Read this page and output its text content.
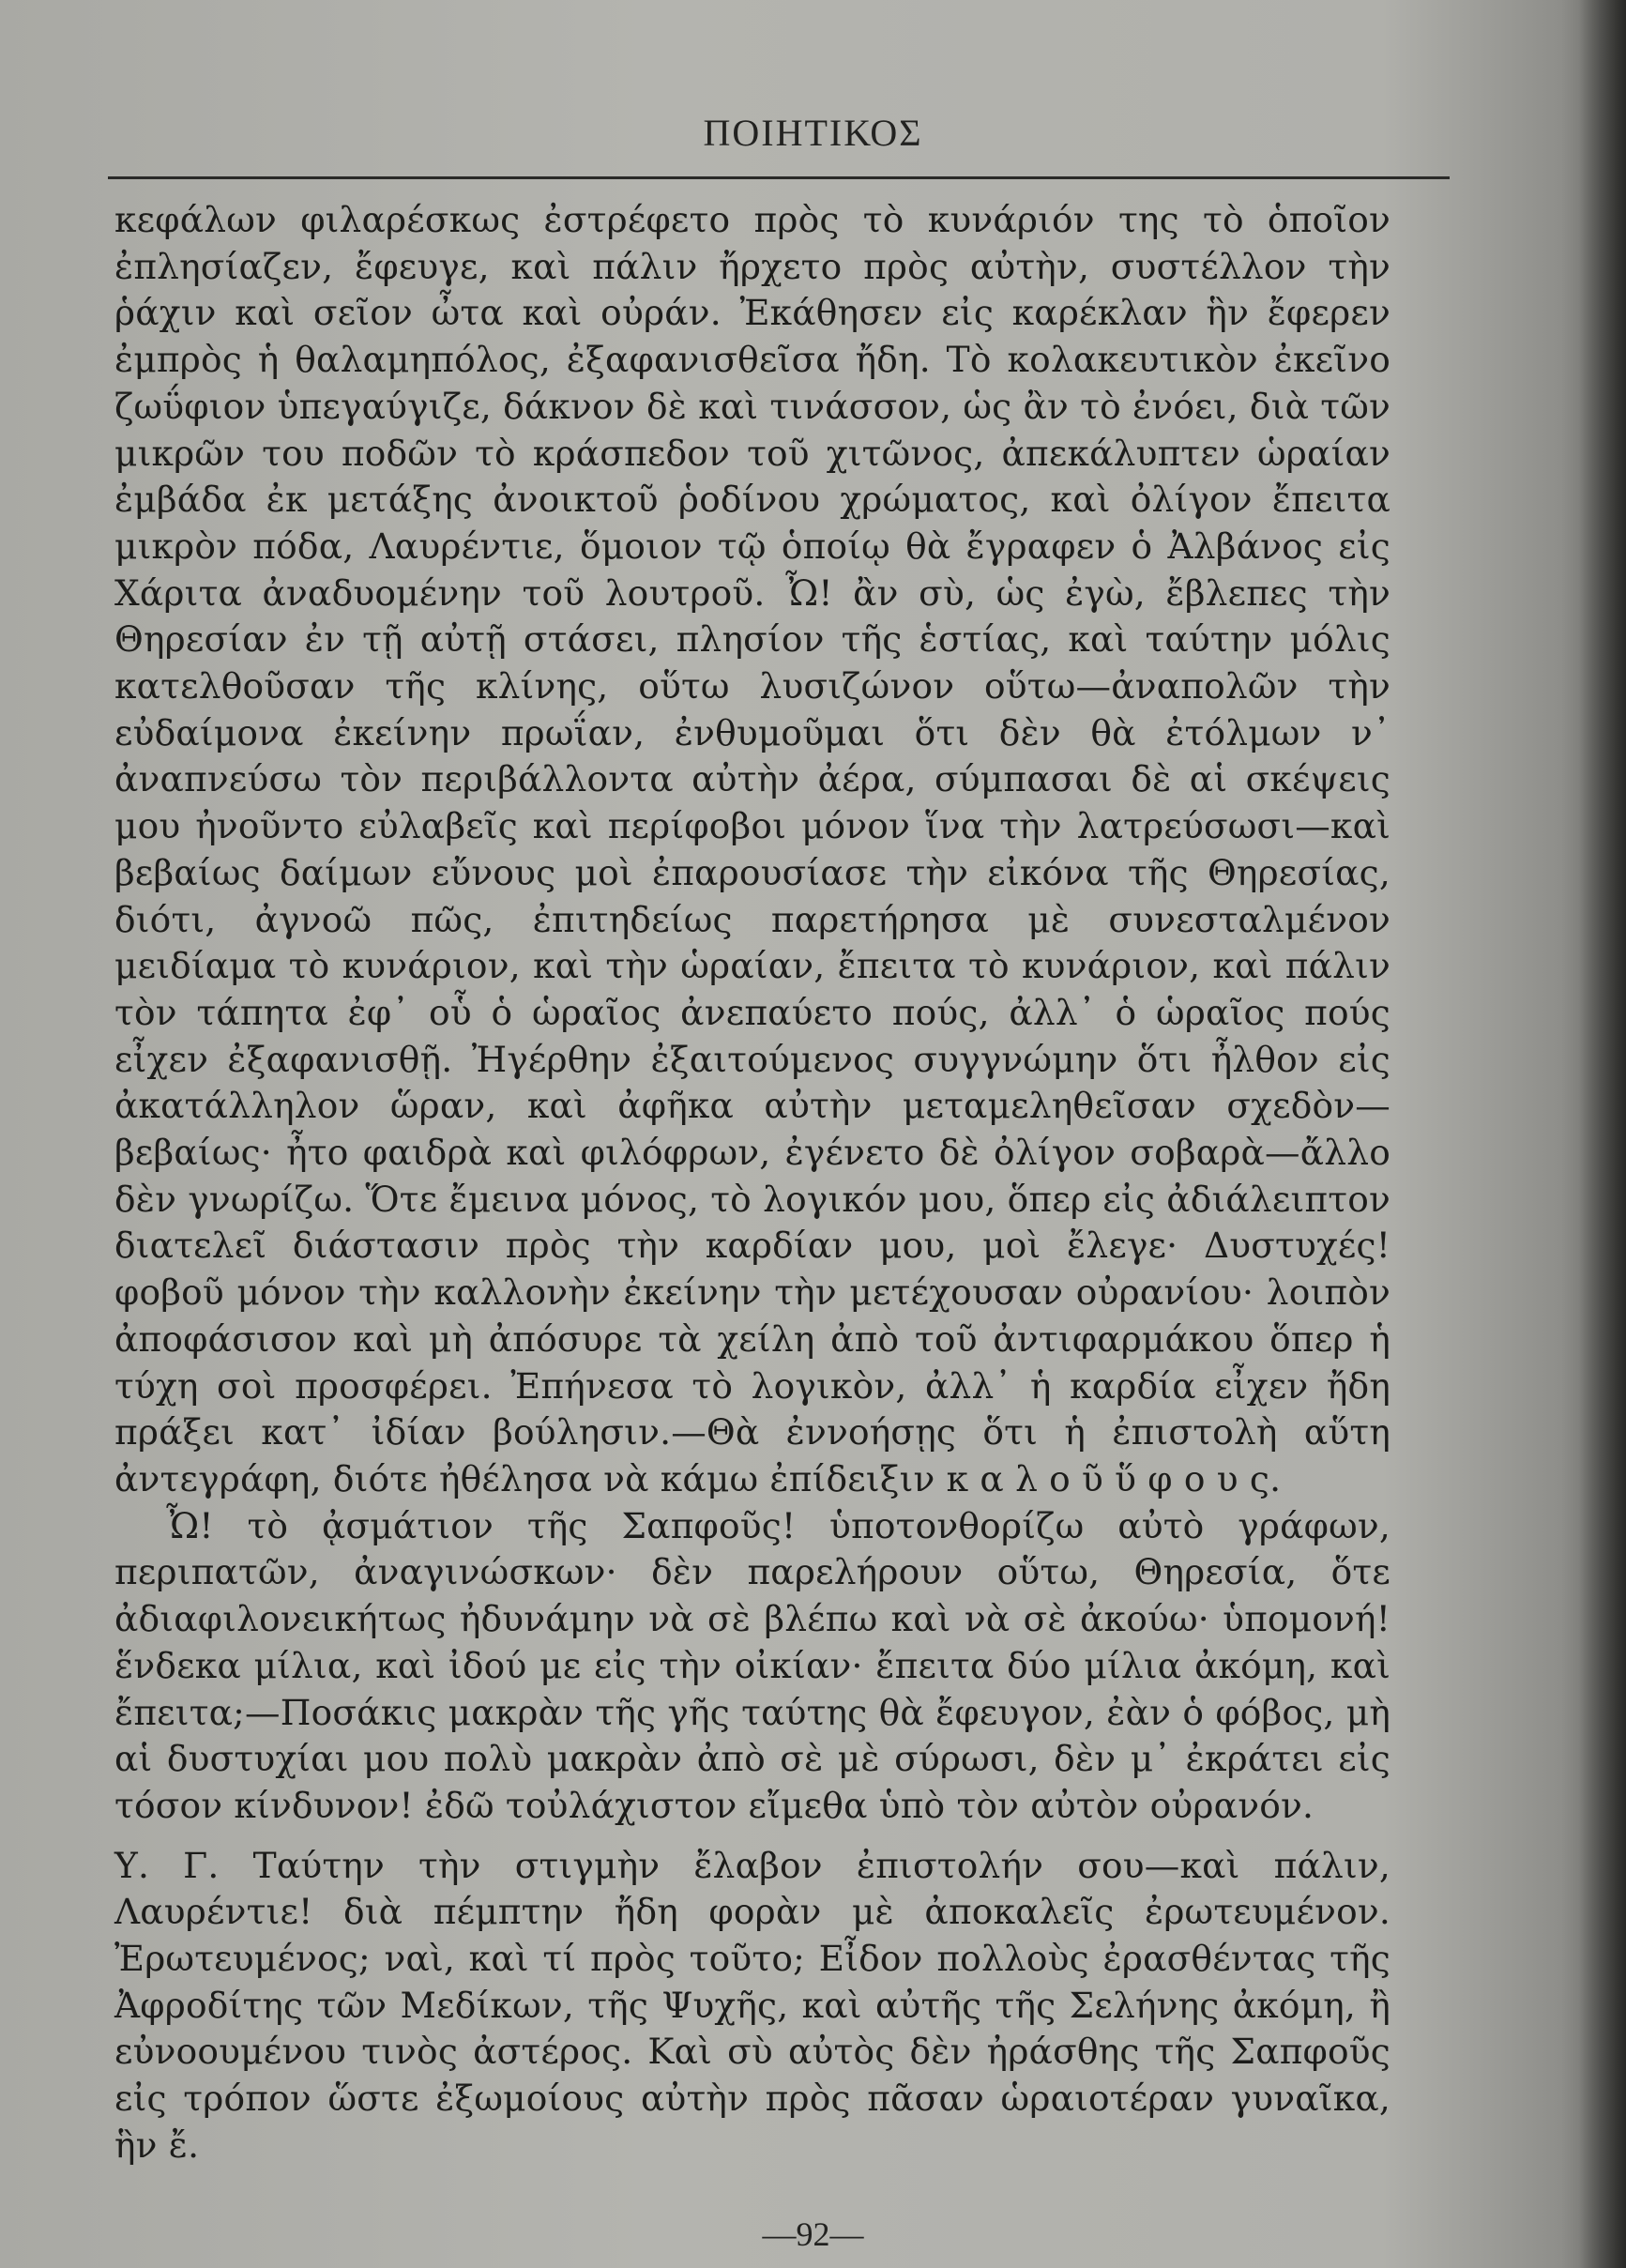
ΠΟΙΗΤΙΚΟΣ

κεφάλων φιλαρέσκως ἐστρέφετο πρὸς τὸ κυνάριόν της τὸ ὁποῖον ἐπλησίαζεν, ἔφευγε, καὶ πάλιν ἤρχετο πρὸς αὐτὴν, συστέλλον τὴν ῥάχιν καὶ σεῖον ὦτα καὶ οὐράν. Ἐκάθησεν εἰς καρέκλαν ἣν ἔφερεν ἐμπρὸς ἡ θαλαμηπόλος, ἐξαφανισθεῖσα ἤδη. Τὸ κολακευτικὸν ἐκεῖνο ζωΰφιον ὑπεγαύγιζε, δάκνον δὲ καὶ τινάσσον, ὡς ἂν τὸ ἐνόει, διὰ τῶν μικρῶν του ποδῶν τὸ κράσπεδον τοῦ χιτῶνος, ἀπεκάλυπτεν ὡραίαν ἐμβάδα ἐκ μετάξης ἀνοικτοῦ ῥοδίνου χρώματος, καὶ ὀλίγον ἔπειτα μικρὸν πόδα, Λαυρέντιε, ὅμοιον τῷ ὁποίῳ θὰ ἔγραφεν ὁ Ἀλβάνος εἰς Χάριτα ἀναδυομένην τοῦ λουτροῦ. Ὦ! ἂν σὺ, ὡς ἐγὼ, ἔβλεπες τὴν Θηρεσίαν ἐν τῇ αὐτῇ στάσει, πλησίον τῆς ἑστίας, καὶ ταύτην μόλις κατελθοῦσαν τῆς κλίνης, οὕτω λυσιζώνον οὕτω—ἀναπολῶν τὴν εὐδαίμονα ἐκείνην πρωΐαν, ἐνθυμοῦμαι ὅτι δὲν θὰ ἐτόλμων ν᾽ ἀναπνεύσω τὸν περιβάλλοντα αὐτὴν ἀέρα, σύμπασαι δὲ αἱ σκέψεις μου ἠνοῦντο εὐλαβεῖς καὶ περίφοβοι μόνον ἵνα τὴν λατρεύσωσι—καὶ βεβαίως δαίμων εὔνους μοὶ ἐπαρουσίασε τὴν εἰκόνα τῆς Θηρεσίας, διότι, ἀγνοῶ πῶς, ἐπιτηδείως παρετήρησα μὲ συνεσταλμένον μειδίαμα τὸ κυνάριον, καὶ τὴν ὡραίαν, ἔπειτα τὸ κυνάριον, καὶ πάλιν τὸν τάπητα ἐφ᾽ οὗ ὁ ὡραῖος ἀνεπαύετο πούς, ἀλλ᾽ ὁ ὡραῖος πούς εἶχεν ἐξαφανισθῇ. Ἠγέρθην ἐξαιτούμενος συγγνώμην ὅτι ἦλθον εἰς ἀκατάλληλον ὥραν, καὶ ἀφῆκα αὐτὴν μεταμεληθεῖσαν σχεδὸν—βεβαίως· ἦτο φαιδρὰ καὶ φιλόφρων, ἐγένετο δὲ ὀλίγον σοβαρὰ—ἄλλο δὲν γνωρίζω. Ὅτε ἔμεινα μόνος, τὸ λογικόν μου, ὅπερ εἰς ἀδιάλειπτον διατελεῖ διάστασιν πρὸς τὴν καρδίαν μου, μοὶ ἔλεγε· Δυστυχές! φοβοῦ μόνον τὴν καλλονὴν ἐκείνην τὴν μετέχουσαν οὐρανίου· λοιπὸν ἀποφάσισον καὶ μὴ ἀπόσυρε τὰ χείλη ἀπὸ τοῦ ἀντιφαρμάκου ὅπερ ἡ τύχη σοὶ προσφέρει. Ἐπήνεσα τὸ λογικὸν, ἀλλ᾽ ἡ καρδία εἶχεν ἤδη πράξει κατ᾽ ἰδίαν βούλησιν.—Θὰ ἐννοήσῃς ὅτι ἡ ἐπιστολὴ αὕτη ἀντεγράφη, διότε ἠθέλησα νὰ κάμω ἐπίδειξιν κ α λ ο ῦ ὕ φ ο υ ς.

Ὦ! τὸ ᾀσμάτιον τῆς Σαπφοῦς! ὑποτονθορίζω αὐτὸ γράφων, περιπατῶν, ἀναγινώσκων· δὲν παρελήρουν οὕτω, Θηρεσία, ὅτε ἀδιαφιλονεικήτως ἠδυνάμην νὰ σὲ βλέπω καὶ νὰ σὲ ἀκούω· ὑπομονή! ἕνδεκα μίλια, καὶ ἰδού με εἰς τὴν οἰκίαν· ἔπειτα δύο μίλια ἀκόμη, καὶ ἔπειτα;—Ποσάκις μακρὰν τῆς γῆς ταύτης θὰ ἔφευγον, ἐὰν ὁ φόβος, μὴ αἱ δυστυχίαι μου πολὺ μακρὰν ἀπὸ σὲ μὲ σύρωσι, δὲν μ᾽ ἐκράτει εἰς τόσον κίνδυνον! ἐδῶ τοὐλάχιστον εἴμεθα ὑπὸ τὸν αὐτὸν οὐρανόν.

Υ. Γ. Ταύτην τὴν στιγμὴν ἔλαβον ἐπιστολήν σου—καὶ πάλιν, Λαυρέντιε! διὰ πέμπτην ἤδη φορὰν μὲ ἀποκαλεῖς ἐρωτευμένον. Ἐρωτευμένος; ναὶ, καὶ τί πρὸς τοῦτο; Εἶδον πολλοὺς ἐρασθέντας τῆς Ἀφροδίτης τῶν Μεδίκων, τῆς Ψυχῆς, καὶ αὐτῆς τῆς Σελήνης ἀκόμη, ἢ εὐνοουμένου τινὸς ἀστέρος. Καὶ σὺ αὐτὸς δὲν ἠράσθης τῆς Σαπφοῦς εἰς τρόπον ὥστε ἐξωμοίους αὐτὴν πρὸς πᾶσαν ὡραιοτέραν γυναῖκα, ἣν ἔ.

—92—
